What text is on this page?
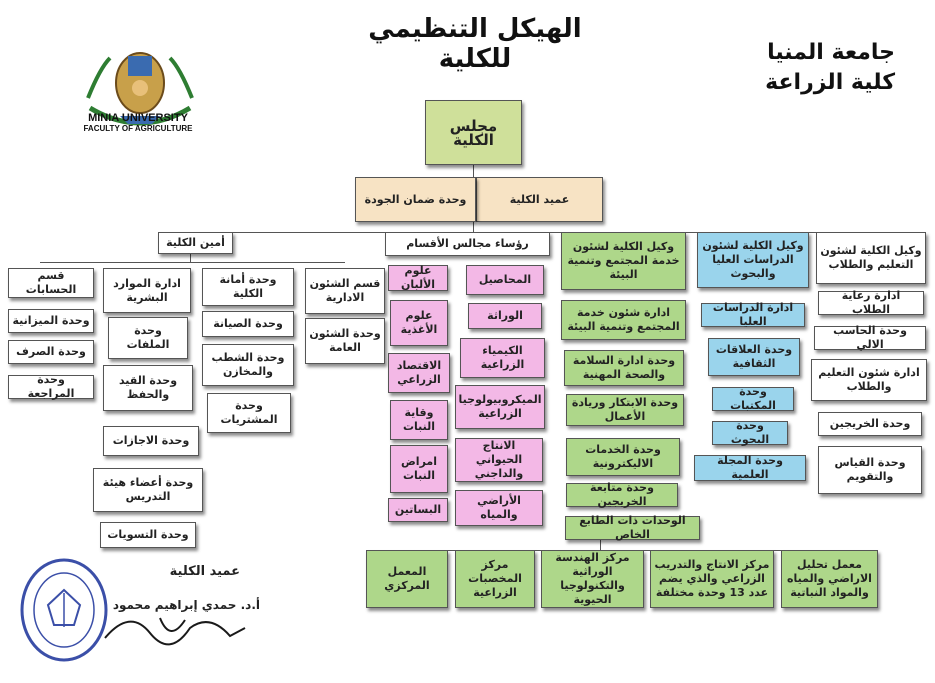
الهيكل التنظيمي للكلية	جامعة المنيا
كلية الزراعة
MINIA UNIVERSITY
FACULTY OF AGRICULTURE	مجلس الكلية
عميد الكلية
وحدة ضمان الجودة
أمين الكلية
قسم الشئون الادارية
وحدة الشئون العامة
وحدة أمانة الكلية
وحدة الصيانة
وحدة الشطب والمخازن
وحدة المشتريات
ادارة الموارد البشرية
وحدة الملفات
وحدة القيد والحفظ
وحدة الاجازات
وحدة أعضاء هيئة التدريس
وحدة التسويات
قسم الحسابات
وحدة الميزانية
وحدة الصرف
وحدة المراجعة
رؤساء مجالس الأقسام
علوم الألبان
علوم الأغذية
الاقتصاد الزراعي
وقاية النبات
امراض النبات
البساتين
المحاصيل
الوراثة
الكيمياء الزراعية
الميكروبيولوجيا الزراعية
الانتاج الحيواني والداجني
الأراضي والمياه
وكيل الكلية لشئون خدمة المجتمع وتنمية البيئة
ادارة شئون خدمة المجتمع وتنمية البيئة
وحدة ادارة السلامة والصحة المهنية
وحدة الابتكار وريادة الأعمال
وحدة الخدمات الاليكترونية
وحدة متابعة الخريجين
وكيل الكلية لشئون الدراسات العليا والبحوث
ادارة الدراسات العليا
وحدة العلاقات الثقافية
وحدة المكتبات
وحدة البحوث
وحدة المجلة العلمية
وكيل الكلية لشئون التعليم والطلاب
ادارة رعاية الطلاب
وحدة الحاسب الالي
ادارة شئون التعليم والطلاب
وحدة الخريجين
وحدة القياس والتقويم
الوحدات ذات الطابع الخاص
معمل تحليل الاراضي والمياه والمواد النباتية
مركز الانتاج والتدريب الزراعي والذي يضم عدد 13 وحدة مختلفة
مركز الهندسة الوراثية والتكنولوجيا الحيوية
مركز المخصبات الزراعية
المعمل المركزي
عميد الكلية
أ.د. حمدي إبراهيم محمود
